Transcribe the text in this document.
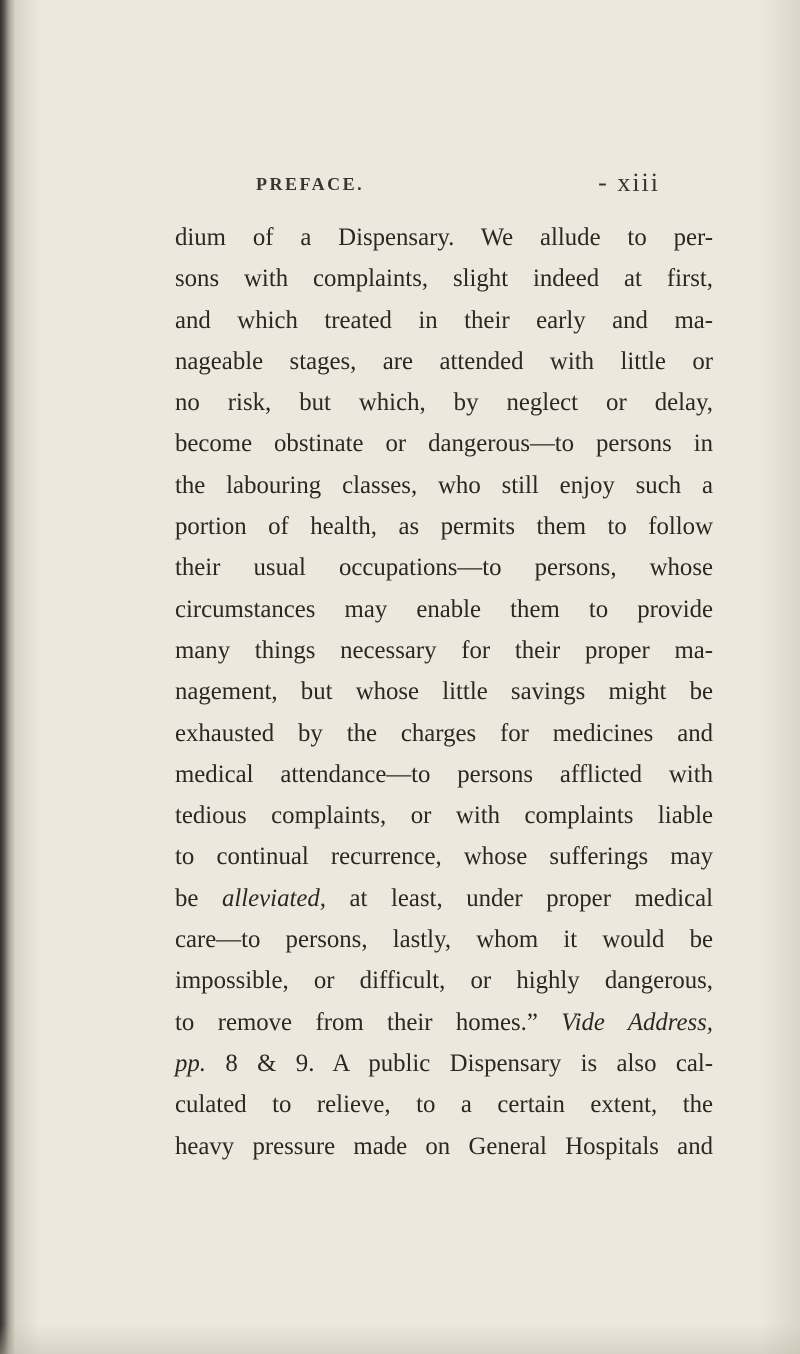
PREFACE.	- xiii
dium of a Dispensary. We allude to per-
sons with complaints, slight indeed at first,
and which treated in their early and ma-
nageable stages, are attended with little or
no risk, but which, by neglect or delay,
become obstinate or dangerous—to persons in
the labouring classes, who still enjoy such a
portion of health, as permits them to follow
their usual occupations—to persons, whose
circumstances may enable them to provide
many things necessary for their proper ma-
nagement, but whose little savings might be
exhausted by the charges for medicines and
medical attendance—to persons afflicted with
tedious complaints, or with complaints liable
to continual recurrence, whose sufferings may
be alleviated, at least, under proper medical
care—to persons, lastly, whom it would be
impossible, or difficult, or highly dangerous,
to remove from their homes.” Vide Address,
pp. 8 & 9. A public Dispensary is also cal-
culated to relieve, to a certain extent, the
heavy pressure made on General Hospitals and
